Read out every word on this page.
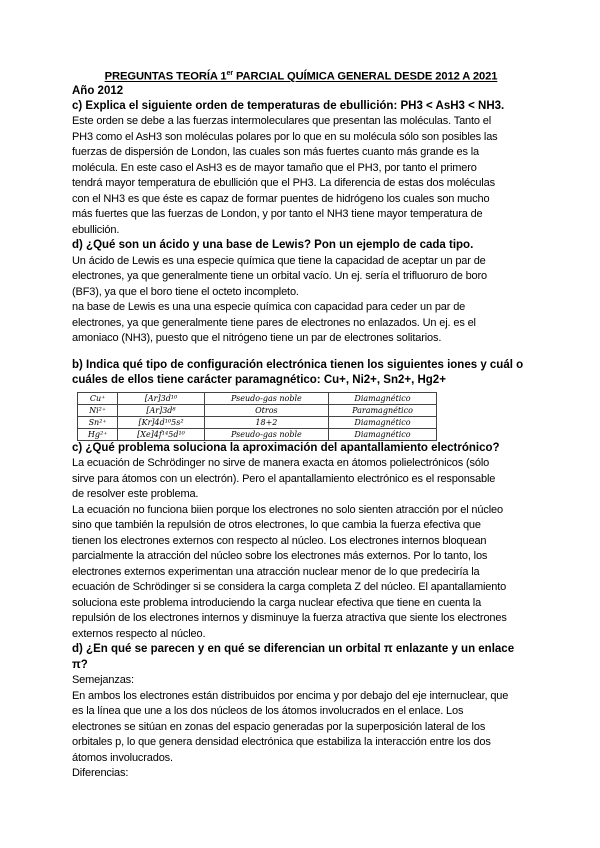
PREGUNTAS TEORÍA 1er PARCIAL QUÍMICA GENERAL DESDE 2012 A 2021

Año 2012

c) Explica el siguiente orden de temperaturas de ebullición: PH3 < AsH3 < NH3.

Este orden se debe a las fuerzas intermoleculares que presentan las moléculas. Tanto el

PH3 como el AsH3 son moléculas polares por lo que en su molécula sólo son posibles las

fuerzas de dispersión de London, las cuales son más fuertes cuanto más grande es la

molécula. En este caso el AsH3 es de mayor tamaño que el PH3, por tanto el primero

tendrá mayor temperatura de ebullición que el PH3. La diferencia de estas dos moléculas

con el NH3 es que éste es capaz de formar puentes de hidrógeno los cuales son mucho

más fuertes que las fuerzas de London, y por tanto el NH3 tiene mayor temperatura de

ebullición.

d) ¿Qué son un ácido y una base de Lewis? Pon un ejemplo de cada tipo.

Un ácido de Lewis es una especie química que tiene la capacidad de aceptar un par de

electrones, ya que generalmente tiene un orbital vacío. Un ej. sería el trifluoruro de boro

(BF3), ya que el boro tiene el octeto incompleto.

na base de Lewis es una una especie química con capacidad para ceder un par de

electrones, ya que generalmente tiene pares de electrones no enlazados. Un ej. es el

amoniaco (NH3), puesto que el nitrógeno tiene un par de electrones solitarios.

b) Indica qué tipo de configuración electrónica tienen los siguientes iones y cuál o

cuáles de ellos tiene carácter paramagnético: Cu+, Ni2+, Sn2+, Hg2+

Cu⁺	[Ar]3d¹⁰	Pseudo-gas noble	Diamagnético
Ni²⁺	[Ar]3d⁸	Otros	Paramagnético
Sn²⁺	[Kr]4d¹⁰5s²	18+2	Diamagnético
Hg²⁺	[Xe]4f¹⁴5d¹⁰	Pseudo-gas noble	Diamagnético

c) ¿Qué problema soluciona la aproximación del apantallamiento electrónico?

La ecuación de Schrödinger no sirve de manera exacta en átomos polielectrónicos (sólo

sirve para átomos con un electrón). Pero el apantallamiento electrónico es el responsable

de resolver este problema.

La ecuación no funciona biien porque los electrones no solo sienten atracción por el núcleo

sino que también la repulsión de otros electrones, lo que cambia la fuerza efectiva que

tienen los electrones externos con respecto al núcleo. Los electrones internos bloquean

parcialmente la atracción del núcleo sobre los electrones más externos. Por lo tanto, los

electrones externos experimentan una atracción nuclear menor de lo que predeciría la

ecuación de Schrödinger si se considera la carga completa Z del núcleo. El apantallamiento

soluciona este problema introduciendo la carga nuclear efectiva que tiene en cuenta la

repulsión de los electrones internos y disminuye la fuerza atractiva que siente los electrones

externos respecto al núcleo.

d) ¿En qué se parecen y en qué se diferencian un orbital π enlazante y un enlace π?

Semejanzas:

En ambos los electrones están distribuidos por encima y por debajo del eje internuclear, que

es la línea que une a los dos núcleos de los átomos involucrados en el enlace. Los

electrones se sitúan en zonas del espacio generadas por la superposición lateral de los

orbitales p, lo que genera densidad electrónica que estabiliza la interacción entre los dos

átomos involucrados.

Diferencias:
